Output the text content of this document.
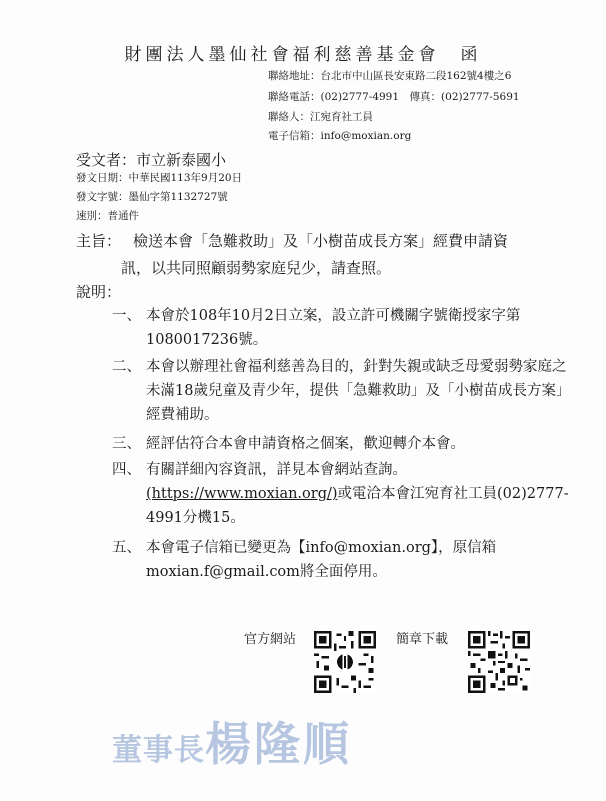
財團法人墨仙社會福利慈善基金會　函
聯絡地址：台北市中山區長安東路二段162號4樓之6
聯絡電話：(02)2777-4991　傳真：(02)2777-5691
聯絡人：江宛育社工員
電子信箱：info@moxian.org
受文者：市立新泰國小
發文日期：中華民國113年9月20日
發文字號：墨仙字第1132727號
速別：普通件
主旨： 檢送本會「急難救助」及「小樹苗成長方案」經費申請資
訊，以共同照顧弱勢家庭兒少，請查照。
說明：
一、 本會於108年10月2日立案，設立許可機關字號衛授家字第1080017236號。
二、 本會以辦理社會福利慈善為目的，針對失親或缺乏母愛弱勢家庭之未滿18歲兒童及青少年，提供「急難救助」及「小樹苗成長方案」經費補助。
三、 經評估符合本會申請資格之個案，歡迎轉介本會。
四、 有關詳細內容資訊，詳見本會網站查詢。
(https://www.moxian.org/)或電洽本會江宛育社工員(02)2777-4991分機15。
五、 本會電子信箱已變更為【info@moxian.org】，原信箱moxian.f@gmail.com將全面停用。
官方網站	簡章下載
董事長楊隆順
